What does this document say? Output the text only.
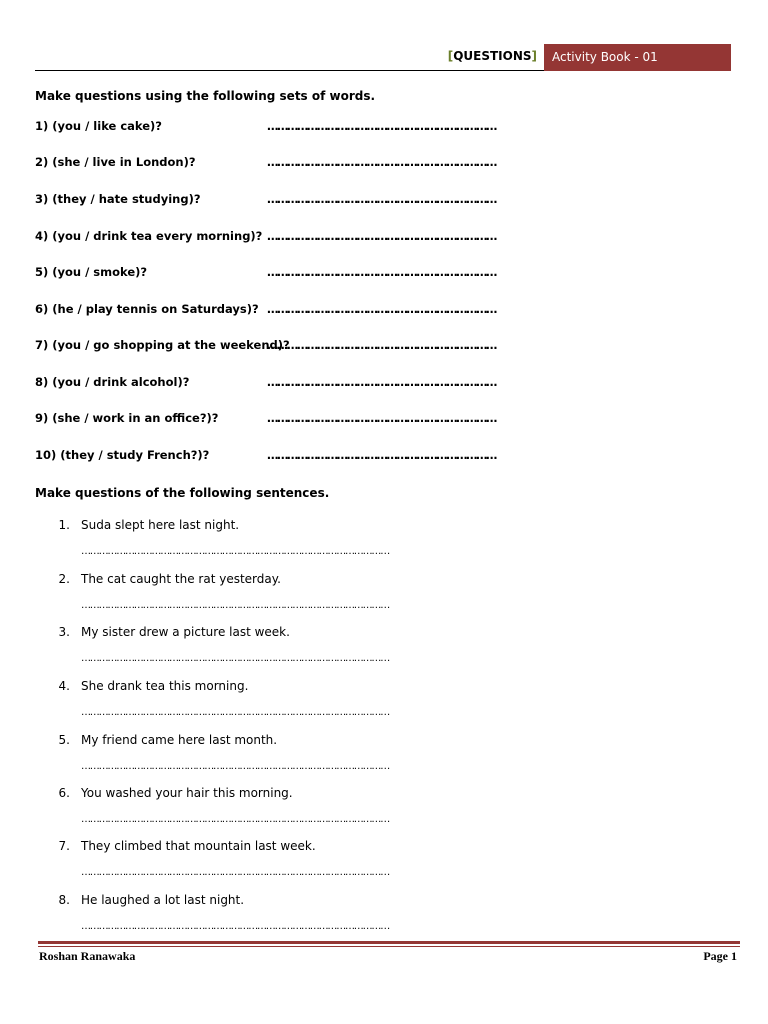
[QUESTIONS]	Activity Book - 01
Make questions using the following sets of words.
1) (you / like cake)?	……………………………………………………………
2) (she / live in London)?	……………………………………………………………
3) (they / hate studying)?	……………………………………………………………
4) (you / drink tea every morning)? ……………………………………………………………
5) (you / smoke)?	……………………………………………………………
6) (he / play tennis on Saturdays)? ……………………………………………………………
7) (you / go shopping at the weekend)?
……………………………………………………………
8) (you / drink alcohol)?	……………………………………………………………
9) (she / work in an office?)?	……………………………………………………………
10) (they / study French?)?	……………………………………………………………
Make questions of the following sentences.
1. Suda slept here last night.
……………………………………………………………………………………………
2. The cat caught the rat yesterday.
……………………………………………………………………………………………
3. My sister drew a picture last week.
……………………………………………………………………………………………
4. She drank tea this morning.
……………………………………………………………………………………………
5. My friend came here last month.
……………………………………………………………………………………………
6. You washed your hair this morning.
……………………………………………………………………………………………
7. They climbed that mountain last week.
……………………………………………………………………………………………
8. He laughed a lot last night.
……………………………………………………………………………………………
Roshan Ranawaka	Page 1
